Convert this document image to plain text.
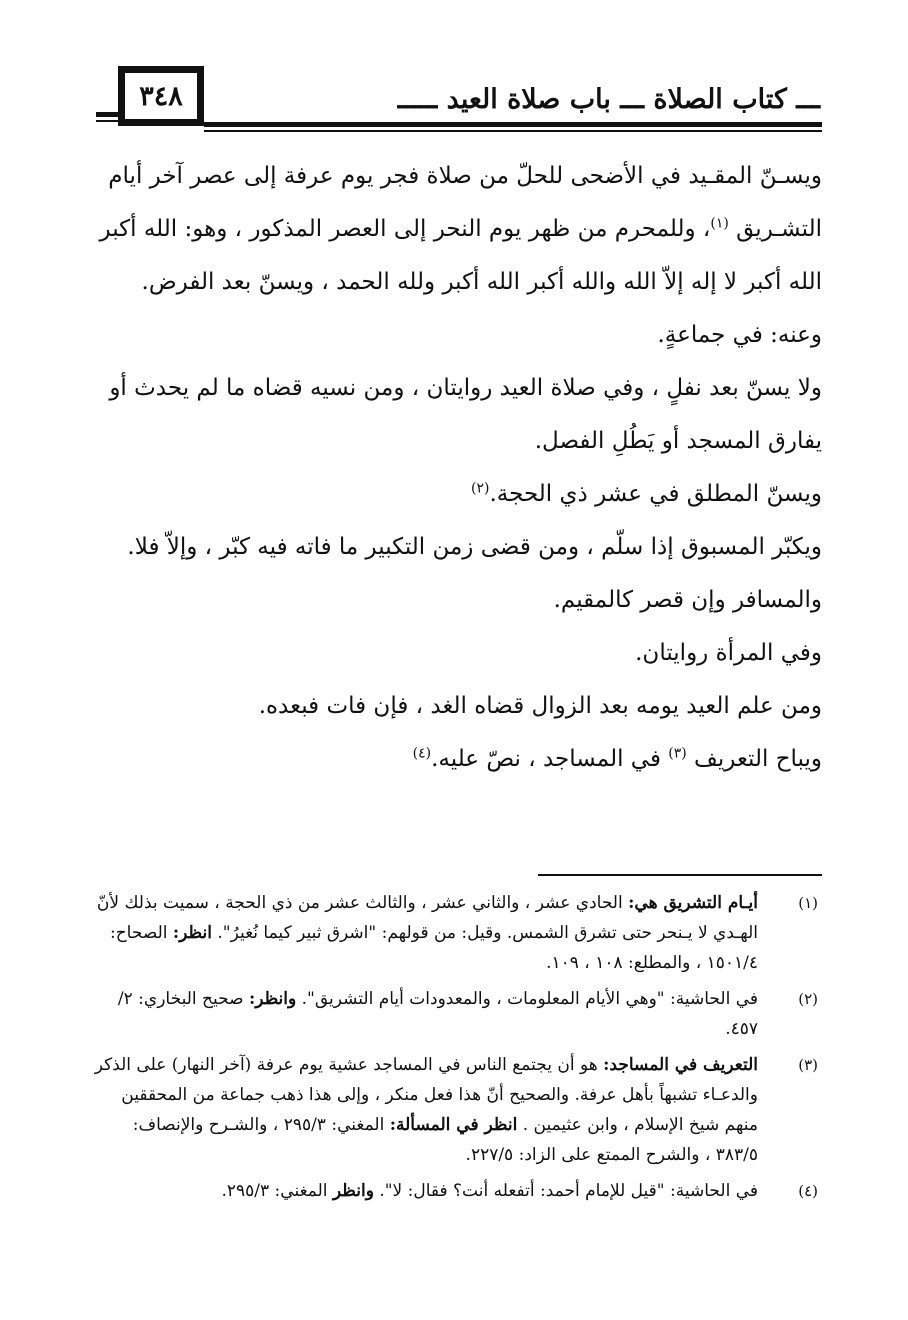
٣٤٨	ـــ كتاب الصلاة ـــ باب صلاة العيد ـــــ

ويسـنّ المقـيد في الأضحى للحلّ من صلاة فجر يوم عرفة إلى عصر آخر أيام التشـريق $^{(١)}$، وللمحرم من ظهر يوم النحر إلى العصر المذكور ، وهو: الله أكبر الله أكبر لا إله إلاّ الله والله أكبر الله أكبر ولله الحمد ، ويسنّ بعد الفرض.

وعنه: في جماعةٍ.

ولا يسنّ بعد نفلٍ ، وفي صلاة العيد روايتان ، ومن نسيه قضاه ما لم يحدث أو يفارق المسجد أو يَطُلِ الفصل.

ويسنّ المطلق في عشر ذي الحجة.$^{(٢)}$

ويكبّر المسبوق إذا سلّم ، ومن قضى زمن التكبير ما فاته فيه كبّر ، وإلاّ فلا.

والمسافر وإن قصر كالمقيم.

وفي المرأة روايتان.

ومن علم العيد يومه بعد الزوال قضاه الغد ، فإن فات فبعده.

ويباح التعريف $^{(٣)}$ في المساجد ، نصّ عليه.$^{(٤)}$

(١)
أيـام التشريق هي: الحادي عشر ، والثاني عشر ، والثالث عشر من ذي الحجة ، سميت بذلك لأنّ الهـدي لا يـنحر حتى تشرق الشمس. وقيل: من قولهم: "اشرق ثبير كيما نُغيرُ". انظر: الصحاح: ١٥٠١/٤ ، والمطلع: ١٠٨ ، ١٠٩.
(٢)
في الحاشية: "وهي الأيام المعلومات ، والمعدودات أيام التشريق". وانظر: صحيح البخاري: ٢/ ٤٥٧.
(٣)
التعريف في المساجد: هو أن يجتمع الناس في المساجد عشية يوم عرفة (آخر النهار) على الذكر والدعـاء تشبهاً بأهل عرفة. والصحيح أنّ هذا فعل منكر ، وإلى هذا ذهب جماعة من المحققين منهم شيخ الإسلام ، وابن عثيمين . انظر في المسألة: المغني: ٢٩٥/٣ ، والشـرح والإنصاف: ٣٨٣/٥ ، والشرح الممتع على الزاد: ٢٢٧/٥.
(٤)
في الحاشية: "قيل للإمام أحمد: أتفعله أنت؟ فقال: لا". وانظر المغني: ٢٩٥/٣.
